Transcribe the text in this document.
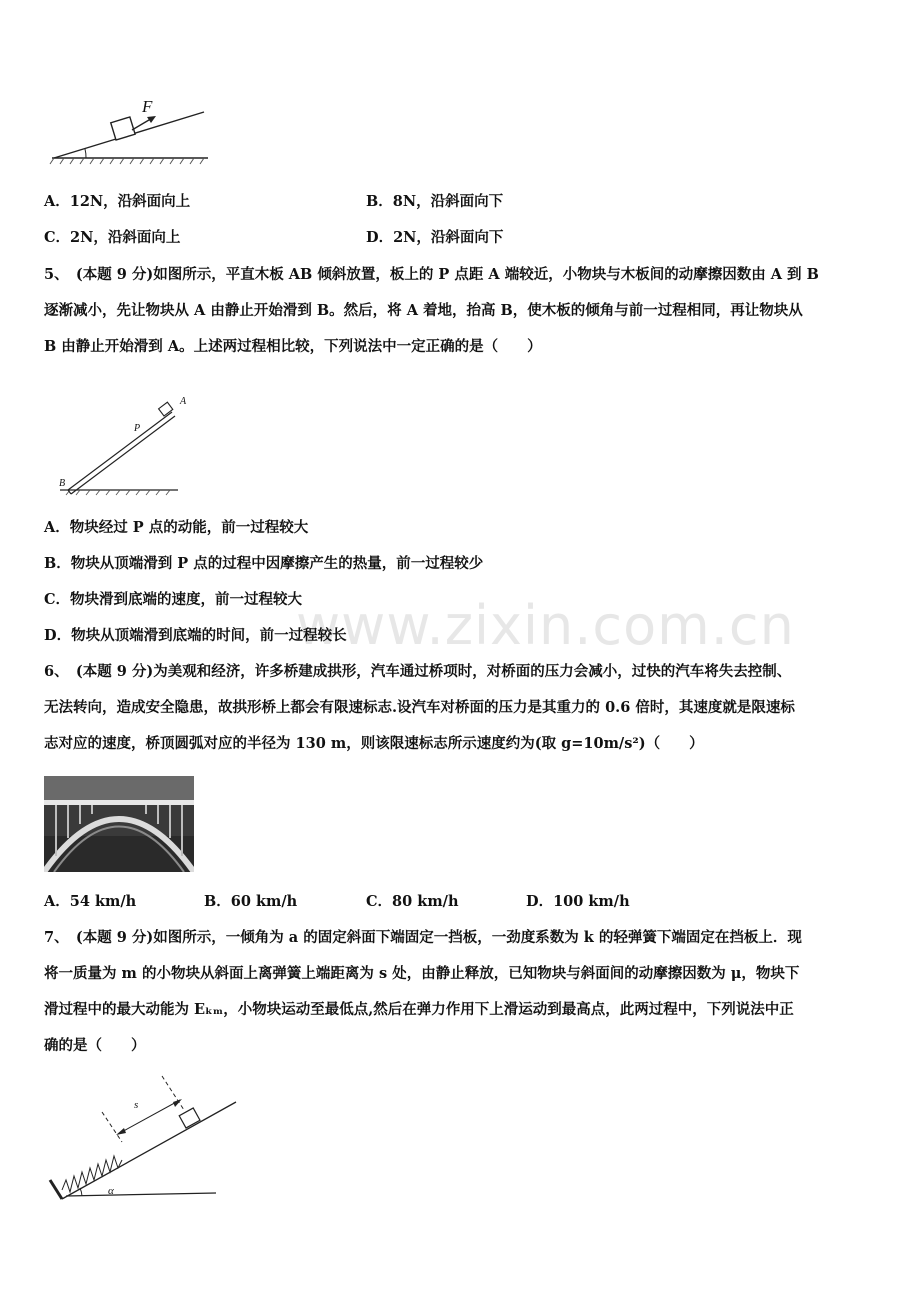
www.zixin.com.cn
F
A．12N，沿斜面向上	B．8N，沿斜面向下
C．2N，沿斜面向上	D．2N，沿斜面向下
5、　(本题 9 分)如图所示，平直木板 AB 倾斜放置，板上的 P 点距 A 端较近，小物块与木板间的动摩擦因数由 A 到 B
逐渐减小，先让物块从 A 由静止开始滑到 B。然后，将 A 着地，抬高 B，使木板的倾角与前一过程相同，再让物块从
B 由静止开始滑到 A。上述两过程相比较，下列说法中一定正确的是（　　）
A
P
B
A．物块经过 P 点的动能，前一过程较大
B．物块从顶端滑到 P 点的过程中因摩擦产生的热量，前一过程较少
C．物块滑到底端的速度，前一过程较大
D．物块从顶端滑到底端的时间，前一过程较长
6、　(本题 9 分)为美观和经济，许多桥建成拱形，汽车通过桥项时，对桥面的压力会减小，过快的汽车将失去控制、
无法转向，造成安全隐患，故拱形桥上都会有限速标志.设汽车对桥面的压力是其重力的 0.6 倍时，其速度就是限速标
志对应的速度，桥顶圆弧对应的半径为 130 m，则该限速标志所示速度约为(取 g=10m/s²)（　　）
A．54 km/h	B．60 km/h	C．80 km/h	D．100 km/h
7、　(本题 9 分)如图所示，一倾角为 a 的固定斜面下端固定一挡板，一劲度系数为 k 的轻弹簧下端固定在挡板上．现
将一质量为 m 的小物块从斜面上离弹簧上端距离为 s 处，由静止释放，已知物块与斜面间的动摩擦因数为 μ，物块下
滑过程中的最大动能为 Eₖₘ，小物块运动至最低点,然后在弹力作用下上滑运动到最高点，此两过程中，下列说法中正
确的是（　　）
s
α
